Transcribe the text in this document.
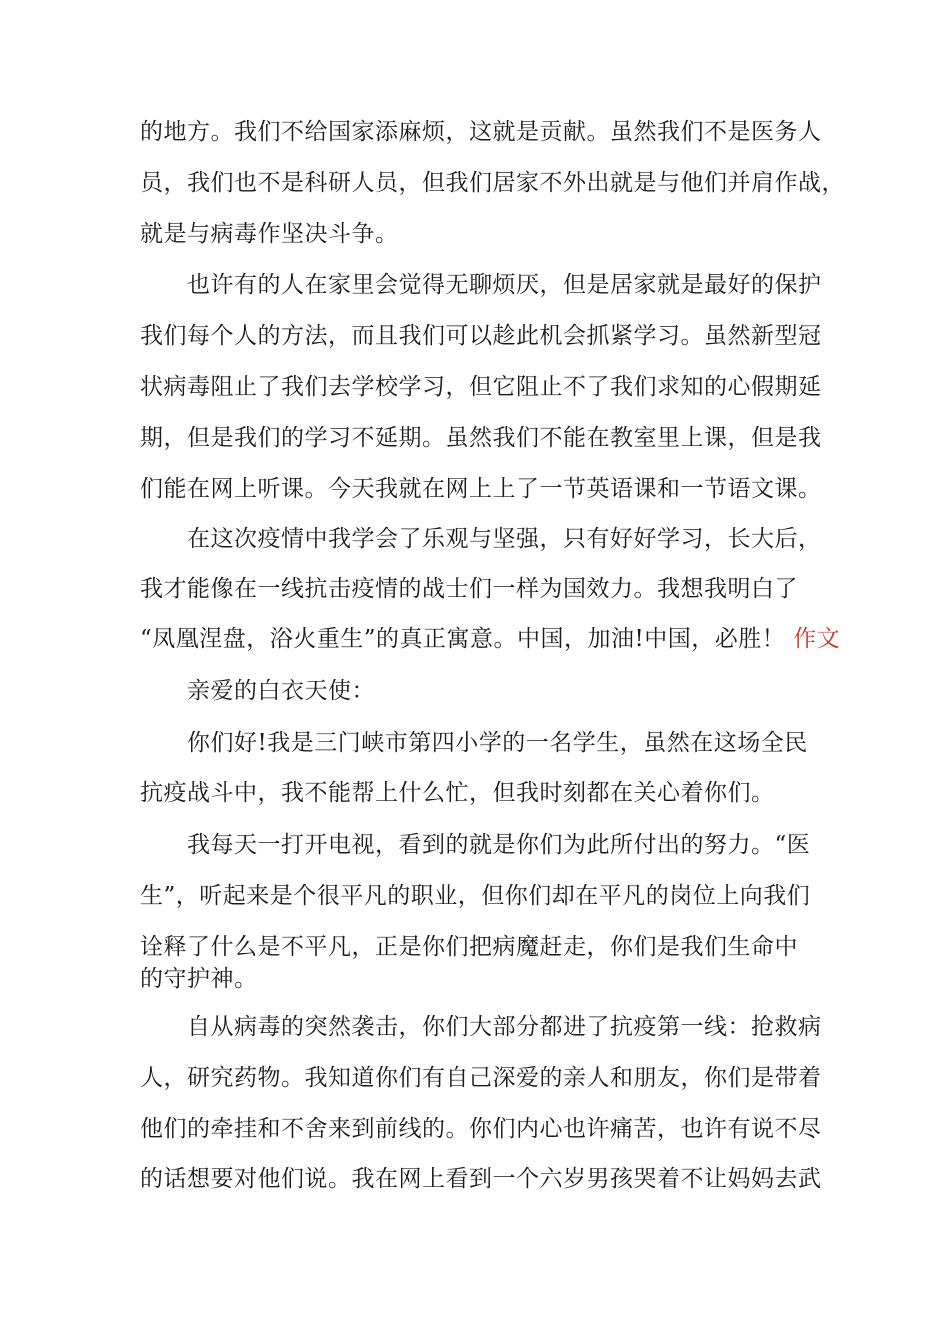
的地方。我们不给国家添麻烦，这就是贡献。虽然我们不是医务人
员，我们也不是科研人员，但我们居家不外出就是与他们并肩作战，
就是与病毒作坚决斗争。
也许有的人在家里会觉得无聊烦厌，但是居家就是最好的保护
我们每个人的方法，而且我们可以趁此机会抓紧学习。虽然新型冠
状病毒阻止了我们去学校学习，但它阻止不了我们求知的心假期延
期，但是我们的学习不延期。虽然我们不能在教室里上课，但是我
们能在网上听课。今天我就在网上上了一节英语课和一节语文课。
在这次疫情中我学会了乐观与坚强，只有好好学习，长大后，
我才能像在一线抗击疫情的战士们一样为国效力。我想我明白了
“凤凰涅盘，浴火重生”的真正寓意。中国，加油!中国，必胜！ 作文
亲爱的白衣天使：
你们好!我是三门峡市第四小学的一名学生，虽然在这场全民
抗疫战斗中，我不能帮上什么忙，但我时刻都在关心着你们。
我每天一打开电视，看到的就是你们为此所付出的努力。“医
生”，听起来是个很平凡的职业，但你们却在平凡的岗位上向我们
诠释了什么是不平凡，正是你们把病魔赶走，你们是我们生命中
的守护神。
自从病毒的突然袭击，你们大部分都进了抗疫第一线：抢救病
人，研究药物。我知道你们有自己深爱的亲人和朋友，你们是带着
他们的牵挂和不舍来到前线的。你们内心也许痛苦，也许有说不尽
的话想要对他们说。我在网上看到一个六岁男孩哭着不让妈妈去武
